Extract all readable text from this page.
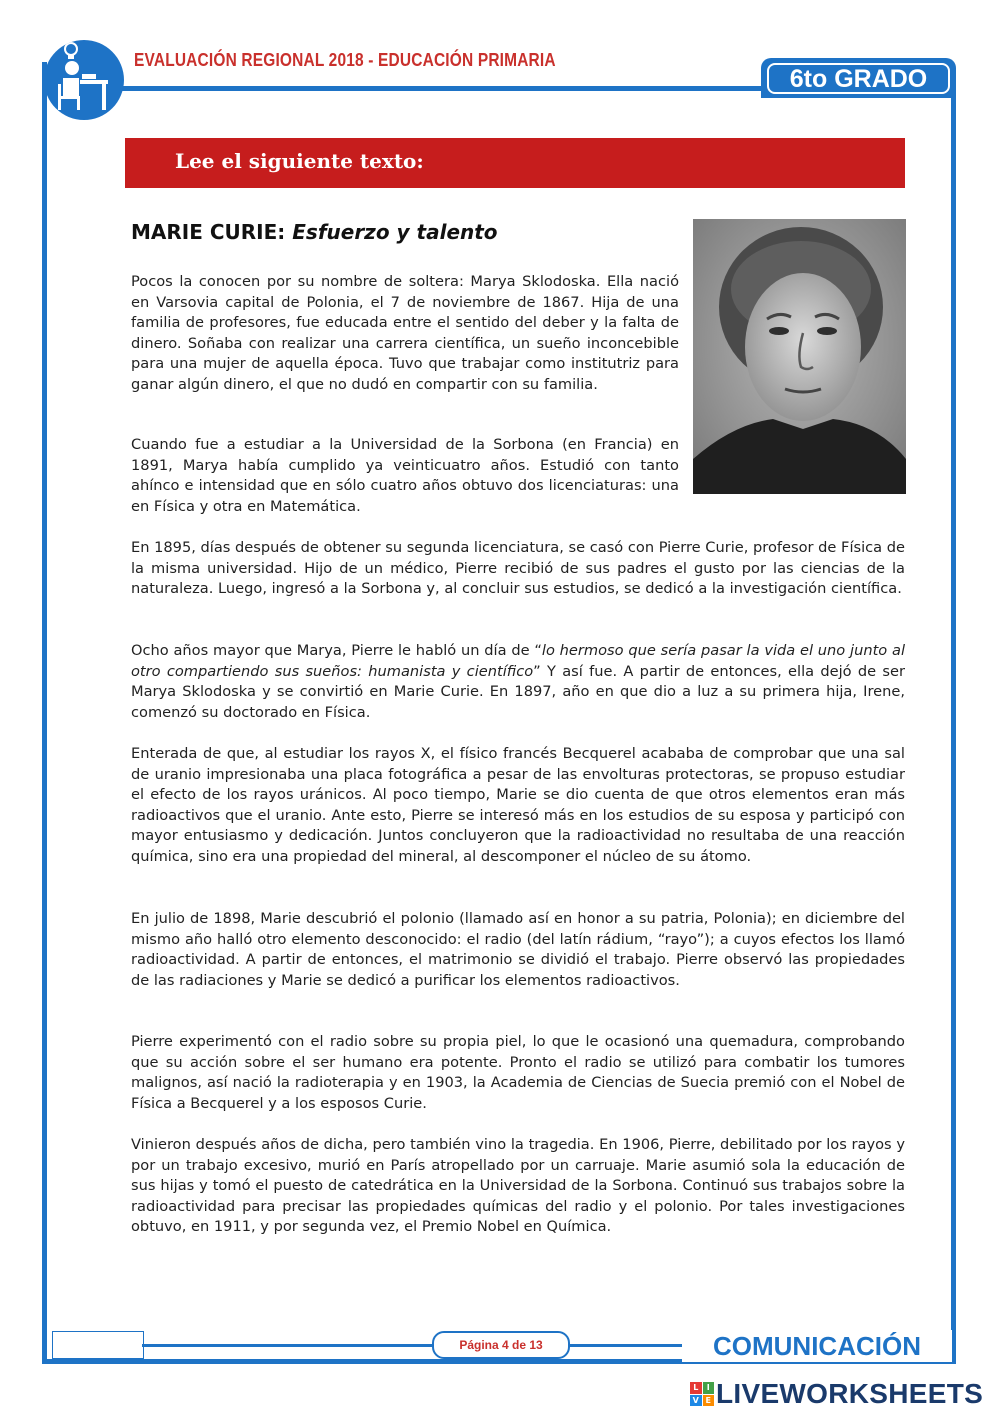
EVALUACIÓN REGIONAL 2018 - EDUCACIÓN PRIMARIA
6to GRADO
Lee el siguiente texto:
MARIE CURIE: Esfuerzo y talento

Pocos la conocen por su nombre de soltera: Marya Sklodoska. Ella nació en Varsovia capital de Polonia, el 7 de noviembre de 1867. Hija de una familia de profesores, fue educada entre el sentido del deber y la falta de dinero. Soñaba con realizar una carrera científica, un sueño inconcebible para una mujer de aquella época. Tuvo que trabajar como institutriz para ganar algún dinero, el que no dudó en compartir con su familia.

Cuando fue a estudiar a la Universidad de la Sorbona (en Francia) en 1891, Marya había cumplido ya veinticuatro años. Estudió con tanto ahínco e intensidad que en sólo cuatro años obtuvo dos licenciaturas: una en Física y otra en Matemática.

En 1895, días después de obtener su segunda licenciatura, se casó con Pierre Curie, profesor de Física de la misma universidad. Hijo de un médico, Pierre recibió de sus padres el gusto por las ciencias de la naturaleza. Luego, ingresó a la Sorbona y, al concluir sus estudios, se dedicó a la investigación científica.

Ocho años mayor que Marya, Pierre le habló un día de “lo hermoso que sería pasar la vida el uno junto al otro compartiendo sus sueños: humanista y científico” Y así fue. A partir de entonces, ella dejó de ser Marya Sklodoska y se convirtió en Marie Curie. En 1897, año en que dio a luz a su primera hija, Irene, comenzó su doctorado en Física.

Enterada de que, al estudiar los rayos X, el físico francés Becquerel acababa de comprobar que una sal de uranio impresionaba una placa fotográfica a pesar de las envolturas protectoras, se propuso estudiar el efecto de los rayos uránicos. Al poco tiempo, Marie se dio cuenta de que otros elementos eran más radioactivos que el uranio. Ante esto, Pierre se interesó más en los estudios de su esposa y participó con mayor entusiasmo y dedicación. Juntos concluyeron que la radioactividad no resultaba de una reacción química, sino era una propiedad del mineral, al descomponer el núcleo de su átomo.

En julio de 1898, Marie descubrió el polonio (llamado así en honor a su patria, Polonia); en diciembre del mismo año halló otro elemento desconocido: el radio (del latín rádium, “rayo”); a cuyos efectos los llamó radioactividad. A partir de entonces, el matrimonio se dividió el trabajo. Pierre observó las propiedades de las radiaciones y Marie se dedicó a purificar los elementos radioactivos.

Pierre experimentó con el radio sobre su propia piel, lo que le ocasionó una quemadura, comprobando que su acción sobre el ser humano era potente. Pronto el radio se utilizó para combatir los tumores malignos, así nació la radioterapia y en 1903, la Academia de Ciencias de Suecia premió con el Nobel de Física a Becquerel y a los esposos Curie.

Vinieron después años de dicha, pero también vino la tragedia. En 1906, Pierre, debilitado por los rayos y por un trabajo excesivo, murió en París atropellado por un carruaje. Marie asumió sola la educación de sus hijas y tomó el puesto de catedrática en la Universidad de la Sorbona. Continuó sus trabajos sobre la radioactividad para precisar las propiedades químicas del radio y el polonio. Por tales investigaciones obtuvo, en 1911, y por segunda vez, el Premio Nobel en Química.

Página 4 de 13	COMUNICACIÓN
L	I
V E LIVEWORKSHEETS
